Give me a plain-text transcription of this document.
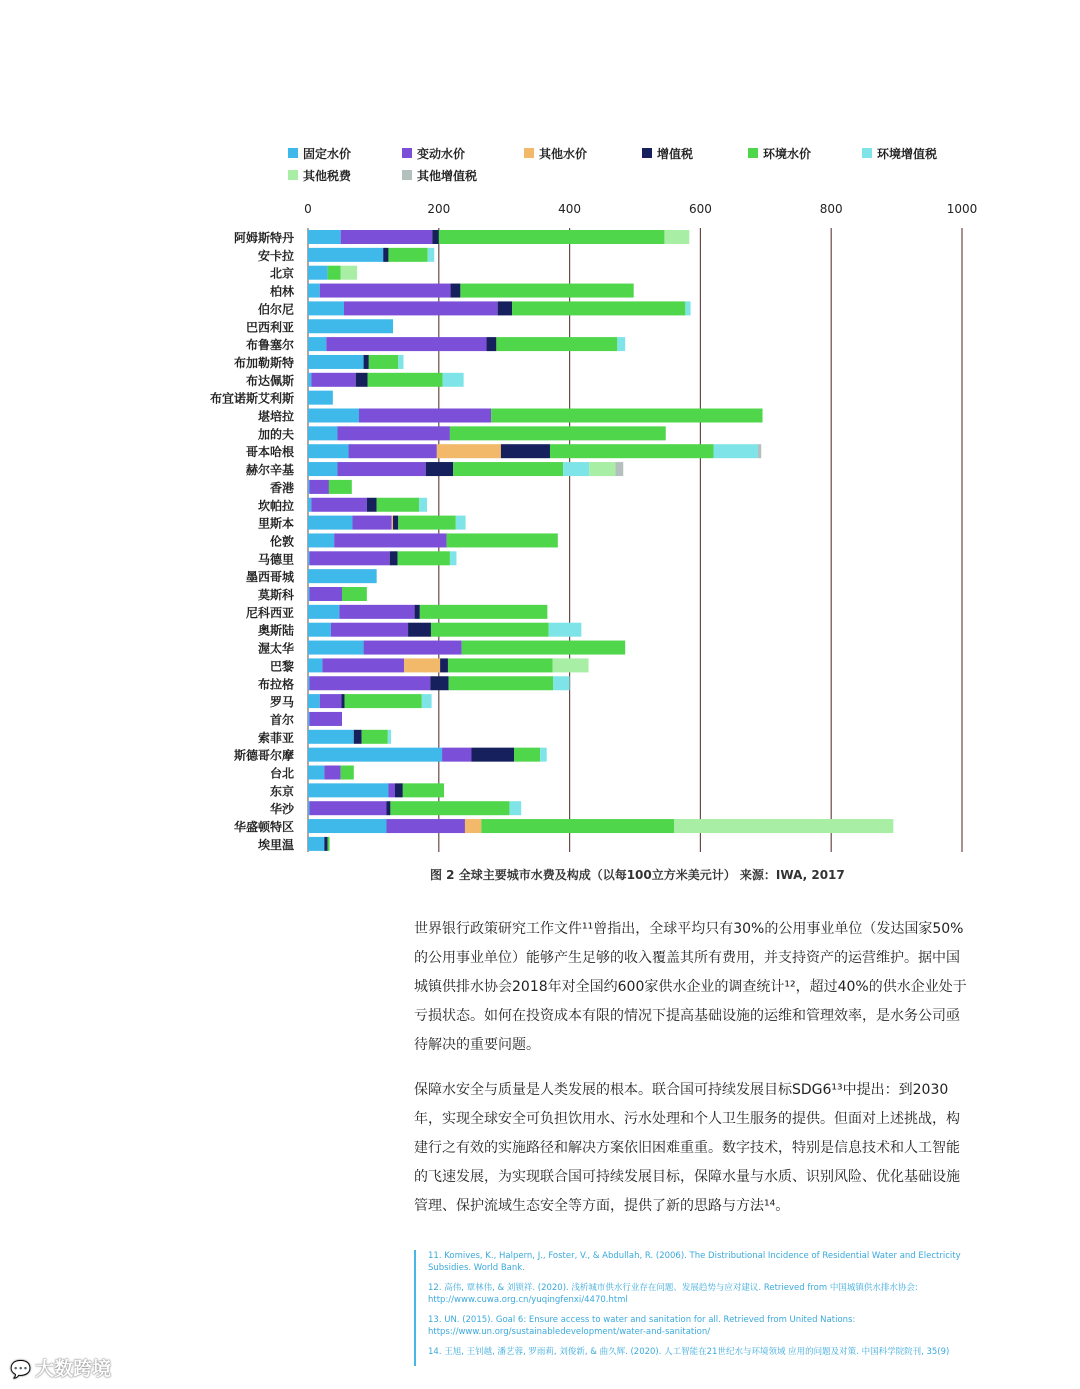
固定水价	变动水价	其他水价	增值税	环境水价	环境增值税
其他税费	其他增值税
0	200	400	600	800	1000
阿姆斯特丹
安卡拉
北京
柏林
伯尔尼
巴西利亚
布鲁塞尔
布加勒斯特
布达佩斯
布宜诺斯艾利斯
堪培拉
加的夫
哥本哈根
赫尔辛基
香港
坎帕拉
里斯本
伦敦
马德里
墨西哥城
莫斯科
尼科西亚
奥斯陆
渥太华
巴黎
布拉格
罗马
首尔
索菲亚
斯德哥尔摩
台北
东京
华沙
华盛顿特区
埃里温
图 2 全球主要城市水费及构成（以每100立方米美元计） 来源：IWA, 2017

世界银行政策研究工作文件¹¹曾指出，全球平均只有30%的公用事业单位（发达国家50%的公用事业单位）能够产生足够的收入覆盖其所有费用，并支持资产的运营维护。据中国城镇供排水协会2018年对全国约600家供水企业的调查统计¹²，超过40%的供水企业处于亏损状态。如何在投资成本有限的情况下提高基础设施的运维和管理效率，是水务公司亟待解决的重要问题。

保障水安全与质量是人类发展的根本。联合国可持续发展目标SDG6¹³中提出：到2030年，实现全球安全可负担饮用水、污水处理和个人卫生服务的提供。但面对上述挑战，构建行之有效的实施路径和解决方案依旧困难重重。数字技术，特别是信息技术和人工智能的飞速发展，为实现联合国可持续发展目标，保障水量与水质、识别风险、优化基础设施管理、保护流域生态安全等方面，提供了新的思路与方法¹⁴。

11. Komives, K., Halpern, J., Foster, V., & Abdullah, R. (2006). The Distributional Incidence of Residential Water and Electricity Subsidies. World Bank.
12. 高伟, 覃林伟, & 刘锁祥. (2020). 浅析城市供水行业存在问题、发展趋势与应对建议. Retrieved from 中国城镇供水排水协会: http://www.cuwa.org.cn/yuqingfenxi/4470.html
13. UN. (2015). Goal 6: Ensure access to water and sanitation for all. Retrieved from United Nations: https://www.un.org/sustainabledevelopment/water-and-sanitation/
14. 王旭, 王钊越, 潘艺蓉, 罗雨莉, 刘俊新, & 曲久辉. (2020). 人工智能在21世纪水与环境领域 应用的问题及对策. 中国科学院院刊, 35(9)
💬 大数跨境
